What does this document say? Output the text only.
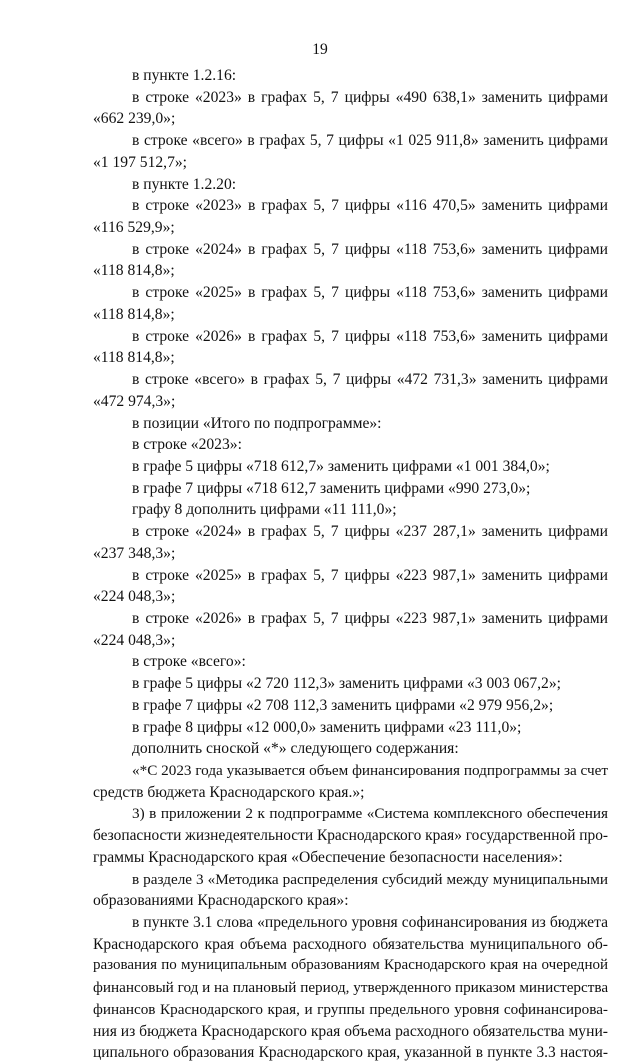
19
в пункте 1.2.16:
в строке «2023» в графах 5, 7 цифры «490 638,1» заменить цифрами
«662 239,0»;
в строке «всего» в графах 5, 7 цифры «1 025 911,8» заменить цифрами
«1 197 512,7»;
в пункте 1.2.20:
в строке «2023» в графах 5, 7 цифры «116 470,5» заменить цифрами
«116 529,9»;
в строке «2024» в графах 5, 7 цифры «118 753,6» заменить цифрами
«118 814,8»;
в строке «2025» в графах 5, 7 цифры «118 753,6» заменить цифрами
«118 814,8»;
в строке «2026» в графах 5, 7 цифры «118 753,6» заменить цифрами
«118 814,8»;
в строке «всего» в графах 5, 7 цифры «472 731,3» заменить цифрами
«472 974,3»;
в позиции «Итого по подпрограмме»:
в строке «2023»:
в графе 5 цифры «718 612,7» заменить цифрами «1 001 384,0»;
в графе 7 цифры «718 612,7 заменить цифрами «990 273,0»;
графу 8 дополнить цифрами «11 111,0»;
в строке «2024» в графах 5, 7 цифры «237 287,1» заменить цифрами
«237 348,3»;
в строке «2025» в графах 5, 7 цифры «223 987,1» заменить цифрами
«224 048,3»;
в строке «2026» в графах 5, 7 цифры «223 987,1» заменить цифрами
«224 048,3»;
в строке «всего»:
в графе 5 цифры «2 720 112,3» заменить цифрами «3 003 067,2»;
в графе 7 цифры «2 708 112,3 заменить цифрами «2 979 956,2»;
в графе 8 цифры «12 000,0» заменить цифрами «23 111,0»;
дополнить сноской «*» следующего содержания:
«*С 2023 года указывается объем финансирования подпрограммы за счет
средств бюджета Краснодарского края.»;
3) в приложении 2 к подпрограмме «Система комплексного обеспечения
безопасности жизнедеятельности Краснодарского края» государственной про-
граммы Краснодарского края «Обеспечение безопасности населения»:
в разделе 3 «Методика распределения субсидий между муниципальными
образованиями Краснодарского края»:
в пункте 3.1 слова «предельного уровня софинансирования из бюджета
Краснодарского края объема расходного обязательства муниципального об-
разования по муниципальным образованиям Краснодарского края на очередной
финансовый год и на плановый период, утвержденного приказом министерства
финансов Краснодарского края, и группы предельного уровня софинансирова-
ния из бюджета Краснодарского края объема расходного обязательства муни-
ципального образования Краснодарского края, указанной в пункте 3.3 настоя-
